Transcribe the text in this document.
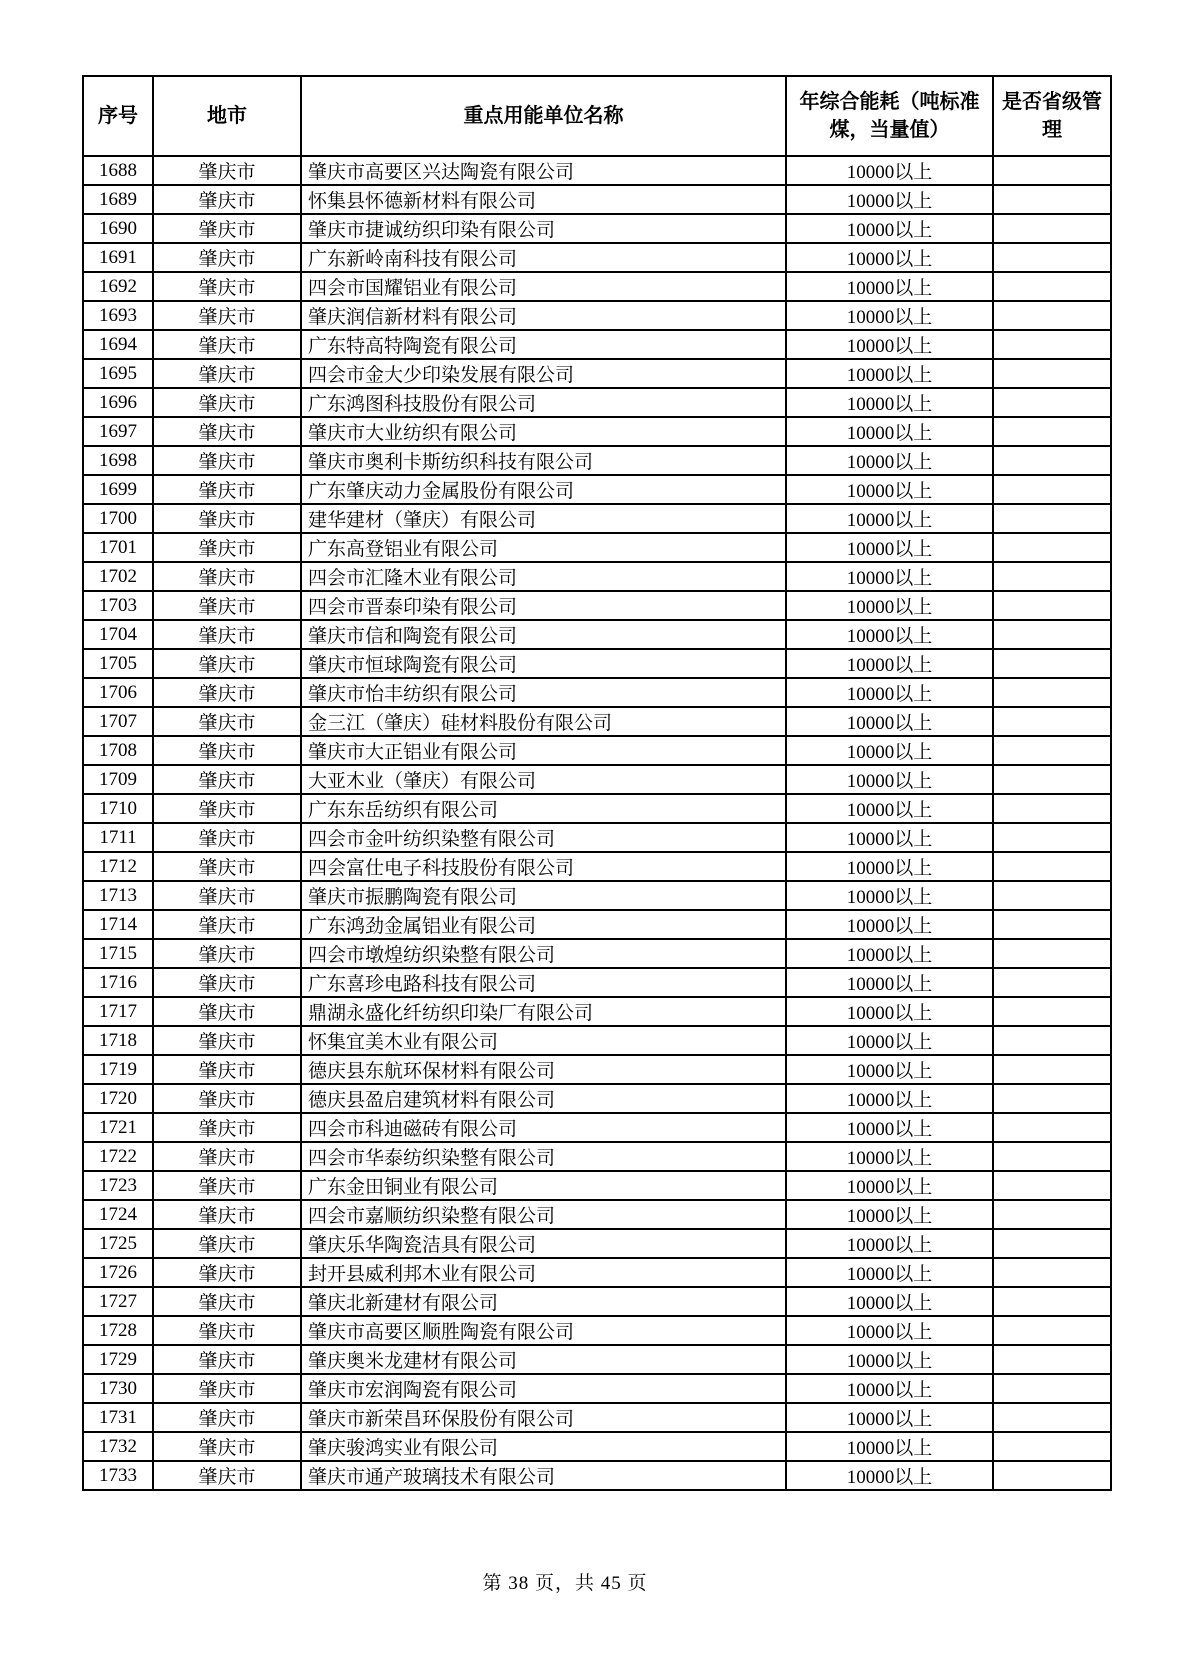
序号	地市	重点用能单位名称	年综合能耗（吨标准煤，当量值）	是否省级管理
1688	肇庆市	肇庆市高要区兴达陶瓷有限公司	10000以上	
1689	肇庆市	怀集县怀德新材料有限公司	10000以上	
1690	肇庆市	肇庆市捷诚纺织印染有限公司	10000以上	
1691	肇庆市	广东新岭南科技有限公司	10000以上	
1692	肇庆市	四会市国耀铝业有限公司	10000以上	
1693	肇庆市	肇庆润信新材料有限公司	10000以上	
1694	肇庆市	广东特高特陶瓷有限公司	10000以上	
1695	肇庆市	四会市金大少印染发展有限公司	10000以上	
1696	肇庆市	广东鸿图科技股份有限公司	10000以上	
1697	肇庆市	肇庆市大业纺织有限公司	10000以上	
1698	肇庆市	肇庆市奥利卡斯纺织科技有限公司	10000以上	
1699	肇庆市	广东肇庆动力金属股份有限公司	10000以上	
1700	肇庆市	建华建材（肇庆）有限公司	10000以上	
1701	肇庆市	广东高登铝业有限公司	10000以上	
1702	肇庆市	四会市汇隆木业有限公司	10000以上	
1703	肇庆市	四会市晋泰印染有限公司	10000以上	
1704	肇庆市	肇庆市信和陶瓷有限公司	10000以上	
1705	肇庆市	肇庆市恒球陶瓷有限公司	10000以上	
1706	肇庆市	肇庆市怡丰纺织有限公司	10000以上	
1707	肇庆市	金三江（肇庆）硅材料股份有限公司	10000以上	
1708	肇庆市	肇庆市大正铝业有限公司	10000以上	
1709	肇庆市	大亚木业（肇庆）有限公司	10000以上	
1710	肇庆市	广东东岳纺织有限公司	10000以上	
1711	肇庆市	四会市金叶纺织染整有限公司	10000以上	
1712	肇庆市	四会富仕电子科技股份有限公司	10000以上	
1713	肇庆市	肇庆市振鹏陶瓷有限公司	10000以上	
1714	肇庆市	广东鸿劲金属铝业有限公司	10000以上	
1715	肇庆市	四会市墩煌纺织染整有限公司	10000以上	
1716	肇庆市	广东喜珍电路科技有限公司	10000以上	
1717	肇庆市	鼎湖永盛化纤纺织印染厂有限公司	10000以上	
1718	肇庆市	怀集宜美木业有限公司	10000以上	
1719	肇庆市	德庆县东航环保材料有限公司	10000以上	
1720	肇庆市	德庆县盈启建筑材料有限公司	10000以上	
1721	肇庆市	四会市科迪磁砖有限公司	10000以上	
1722	肇庆市	四会市华泰纺织染整有限公司	10000以上	
1723	肇庆市	广东金田铜业有限公司	10000以上	
1724	肇庆市	四会市嘉顺纺织染整有限公司	10000以上	
1725	肇庆市	肇庆乐华陶瓷洁具有限公司	10000以上	
1726	肇庆市	封开县威利邦木业有限公司	10000以上	
1727	肇庆市	肇庆北新建材有限公司	10000以上	
1728	肇庆市	肇庆市高要区顺胜陶瓷有限公司	10000以上	
1729	肇庆市	肇庆奥米龙建材有限公司	10000以上	
1730	肇庆市	肇庆市宏润陶瓷有限公司	10000以上	
1731	肇庆市	肇庆市新荣昌环保股份有限公司	10000以上	
1732	肇庆市	肇庆骏鸿实业有限公司	10000以上	
1733	肇庆市	肇庆市通产玻璃技术有限公司	10000以上	
第 38 页，共 45 页
